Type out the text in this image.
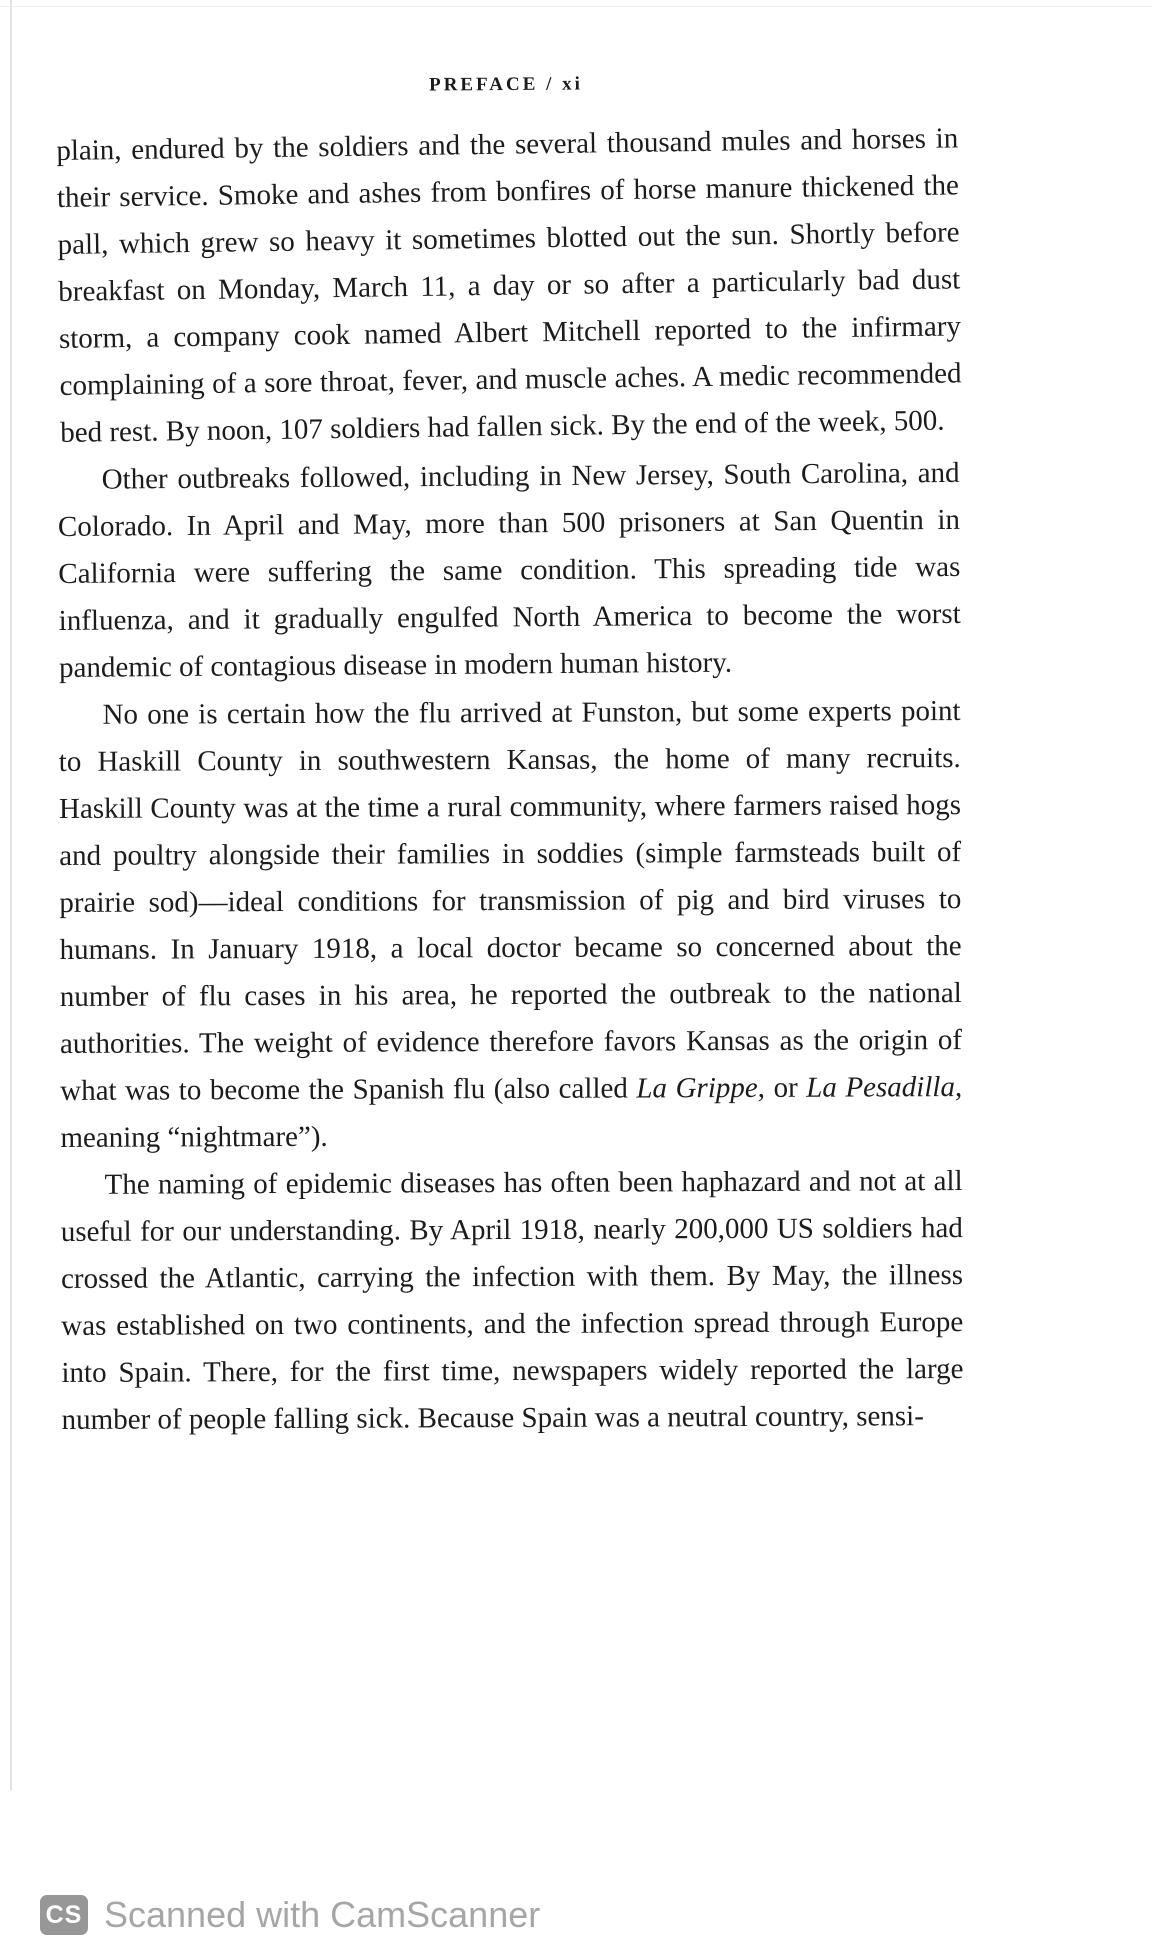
PREFACE / xi

plain, endured by the soldiers and the several thousand mules and horses in their service. Smoke and ashes from bonfires of horse manure thickened the pall, which grew so heavy it sometimes blotted out the sun. Shortly before breakfast on Monday, March 11, a day or so after a particularly bad dust storm, a company cook named Albert Mitchell reported to the infirmary complaining of a sore throat, fever, and muscle aches. A medic recommended bed rest. By noon, 107 soldiers had fallen sick. By the end of the week, 500.

Other outbreaks followed, including in New Jersey, South Carolina, and Colorado. In April and May, more than 500 prisoners at San Quentin in California were suffering the same condition. This spreading tide was influenza, and it gradually engulfed North America to become the worst pandemic of contagious disease in modern human history.

No one is certain how the flu arrived at Funston, but some experts point to Haskill County in southwestern Kansas, the home of many recruits. Haskill County was at the time a rural community, where farmers raised hogs and poultry alongside their families in soddies (simple farmsteads built of prairie sod)—ideal conditions for transmission of pig and bird viruses to humans. In January 1918, a local doctor became so concerned about the number of flu cases in his area, he reported the outbreak to the national authorities. The weight of evidence therefore favors Kansas as the origin of what was to become the Spanish flu (also called La Grippe, or La Pesadilla, meaning “nightmare”).

The naming of epidemic diseases has often been haphazard and not at all useful for our understanding. By April 1918, nearly 200,000 US soldiers had crossed the Atlantic, carrying the infection with them. By May, the illness was established on two continents, and the infection spread through Europe into Spain. There, for the first time, newspapers widely reported the large number of people falling sick. Because Spain was a neutral country, sensi-

CS Scanned with CamScanner
